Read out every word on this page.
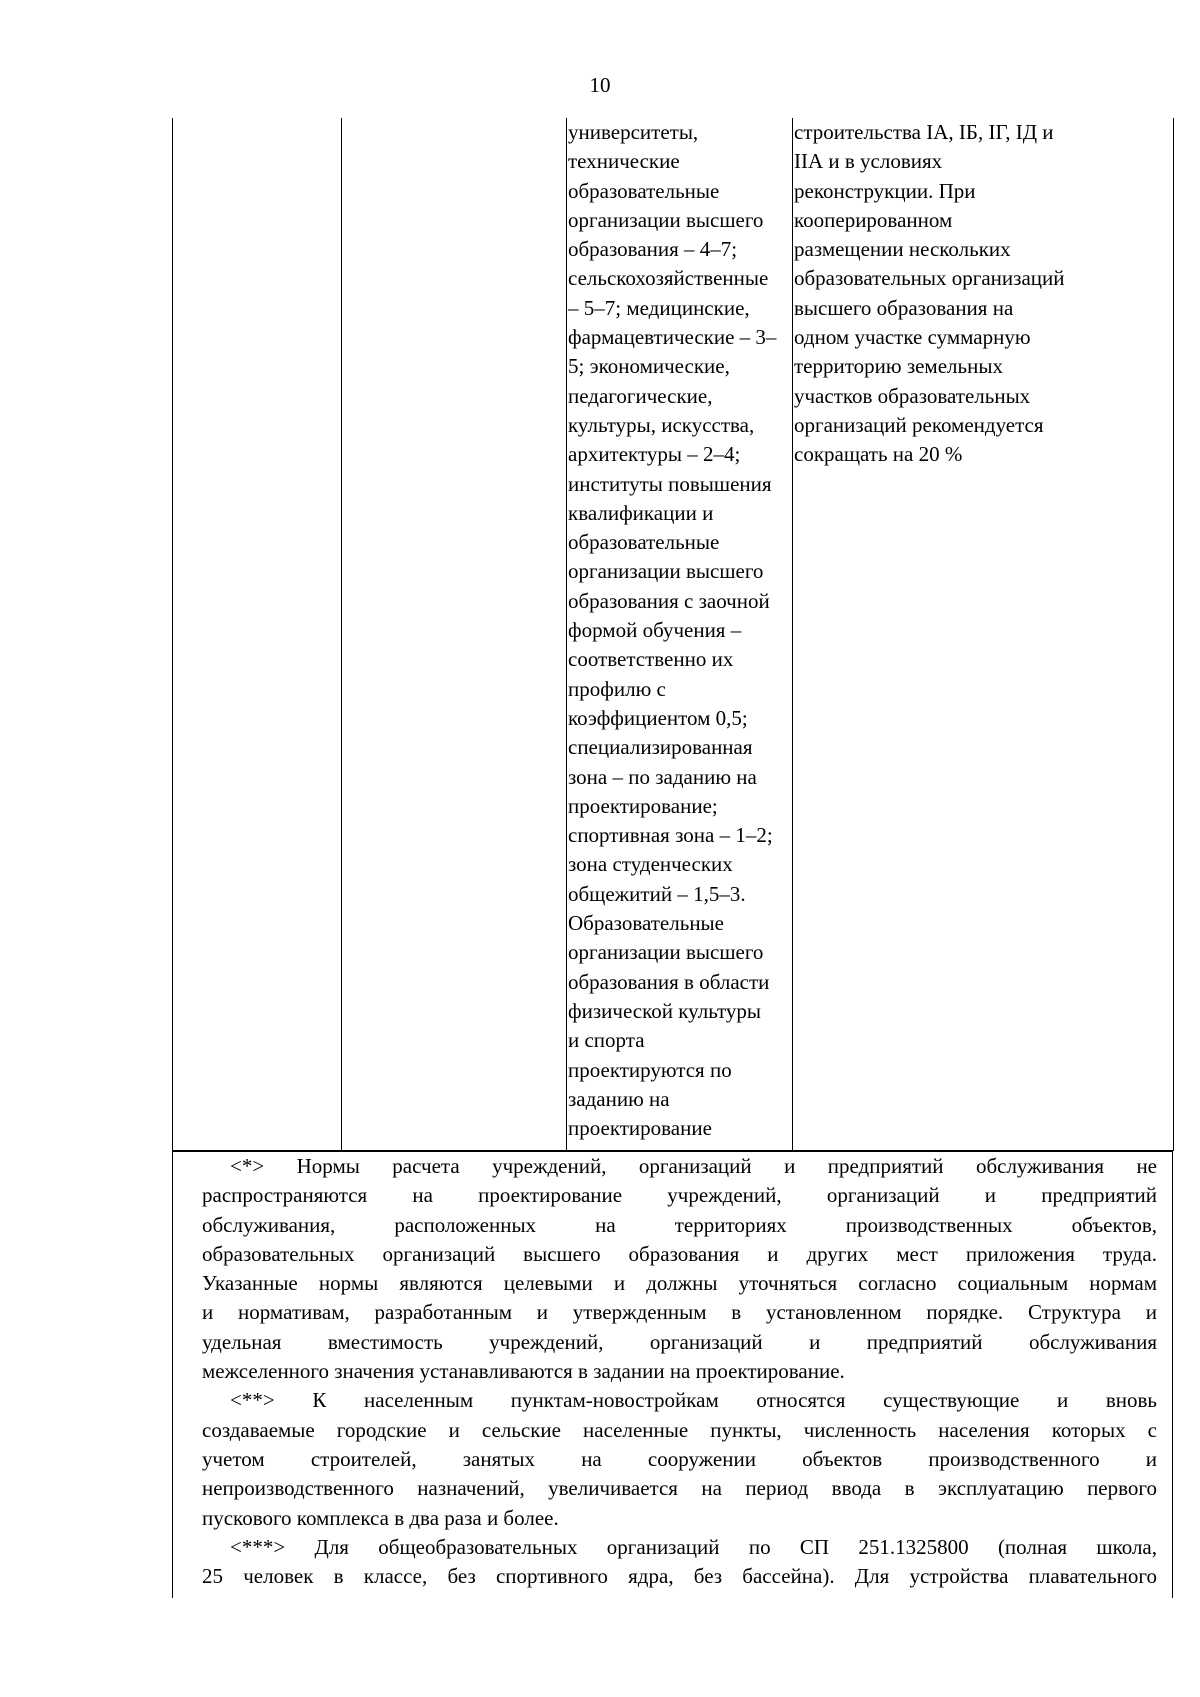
10

университеты,
технические
образовательные
организации высшего
образования – 4–7;
сельскохозяйственные
– 5–7; медицинские,
фармацевтические – 3–
5; экономические,
педагогические,
культуры, искусства,
архитектуры – 2–4;
институты повышения
квалификации и
образовательные
организации высшего
образования с заочной
формой обучения –
соответственно их
профилю с
коэффициентом 0,5;
специализированная
зона – по заданию на
проектирование;
спортивная зона – 1–2;
зона студенческих
общежитий – 1,5–3.
Образовательные
организации высшего
образования в области
физической культуры
и спорта
проектируются по
заданию на
проектирование

строительства IА, IБ, IГ, IД и
IIА и в условиях
реконструкции. При
кооперированном
размещении нескольких
образовательных организаций
высшего образования на
одном участке суммарную
территорию земельных
участков образовательных
организаций рекомендуется
сокращать на 20 %

<*> Нормы расчета учреждений, организаций и предприятий обслуживания не
распространяются на проектирование учреждений, организаций и предприятий
обслуживания, расположенных на территориях производственных объектов,
образовательных организаций высшего образования и других мест приложения труда.
Указанные нормы являются целевыми и должны уточняться согласно социальным нормам
и нормативам, разработанным и утвержденным в установленном порядке. Структура и
удельная вместимость учреждений, организаций и предприятий обслуживания
межселенного значения устанавливаются в задании на проектирование.

<**> К населенным пунктам-новостройкам относятся существующие и вновь
создаваемые городские и сельские населенные пункты, численность населения которых с
учетом строителей, занятых на сооружении объектов производственного и
непроизводственного назначений, увеличивается на период ввода в эксплуатацию первого
пускового комплекса в два раза и более.

<***> Для общеобразовательных организаций по СП 251.1325800 (полная школа,
25 человек в классе, без спортивного ядра, без бассейна). Для устройства плавательного
